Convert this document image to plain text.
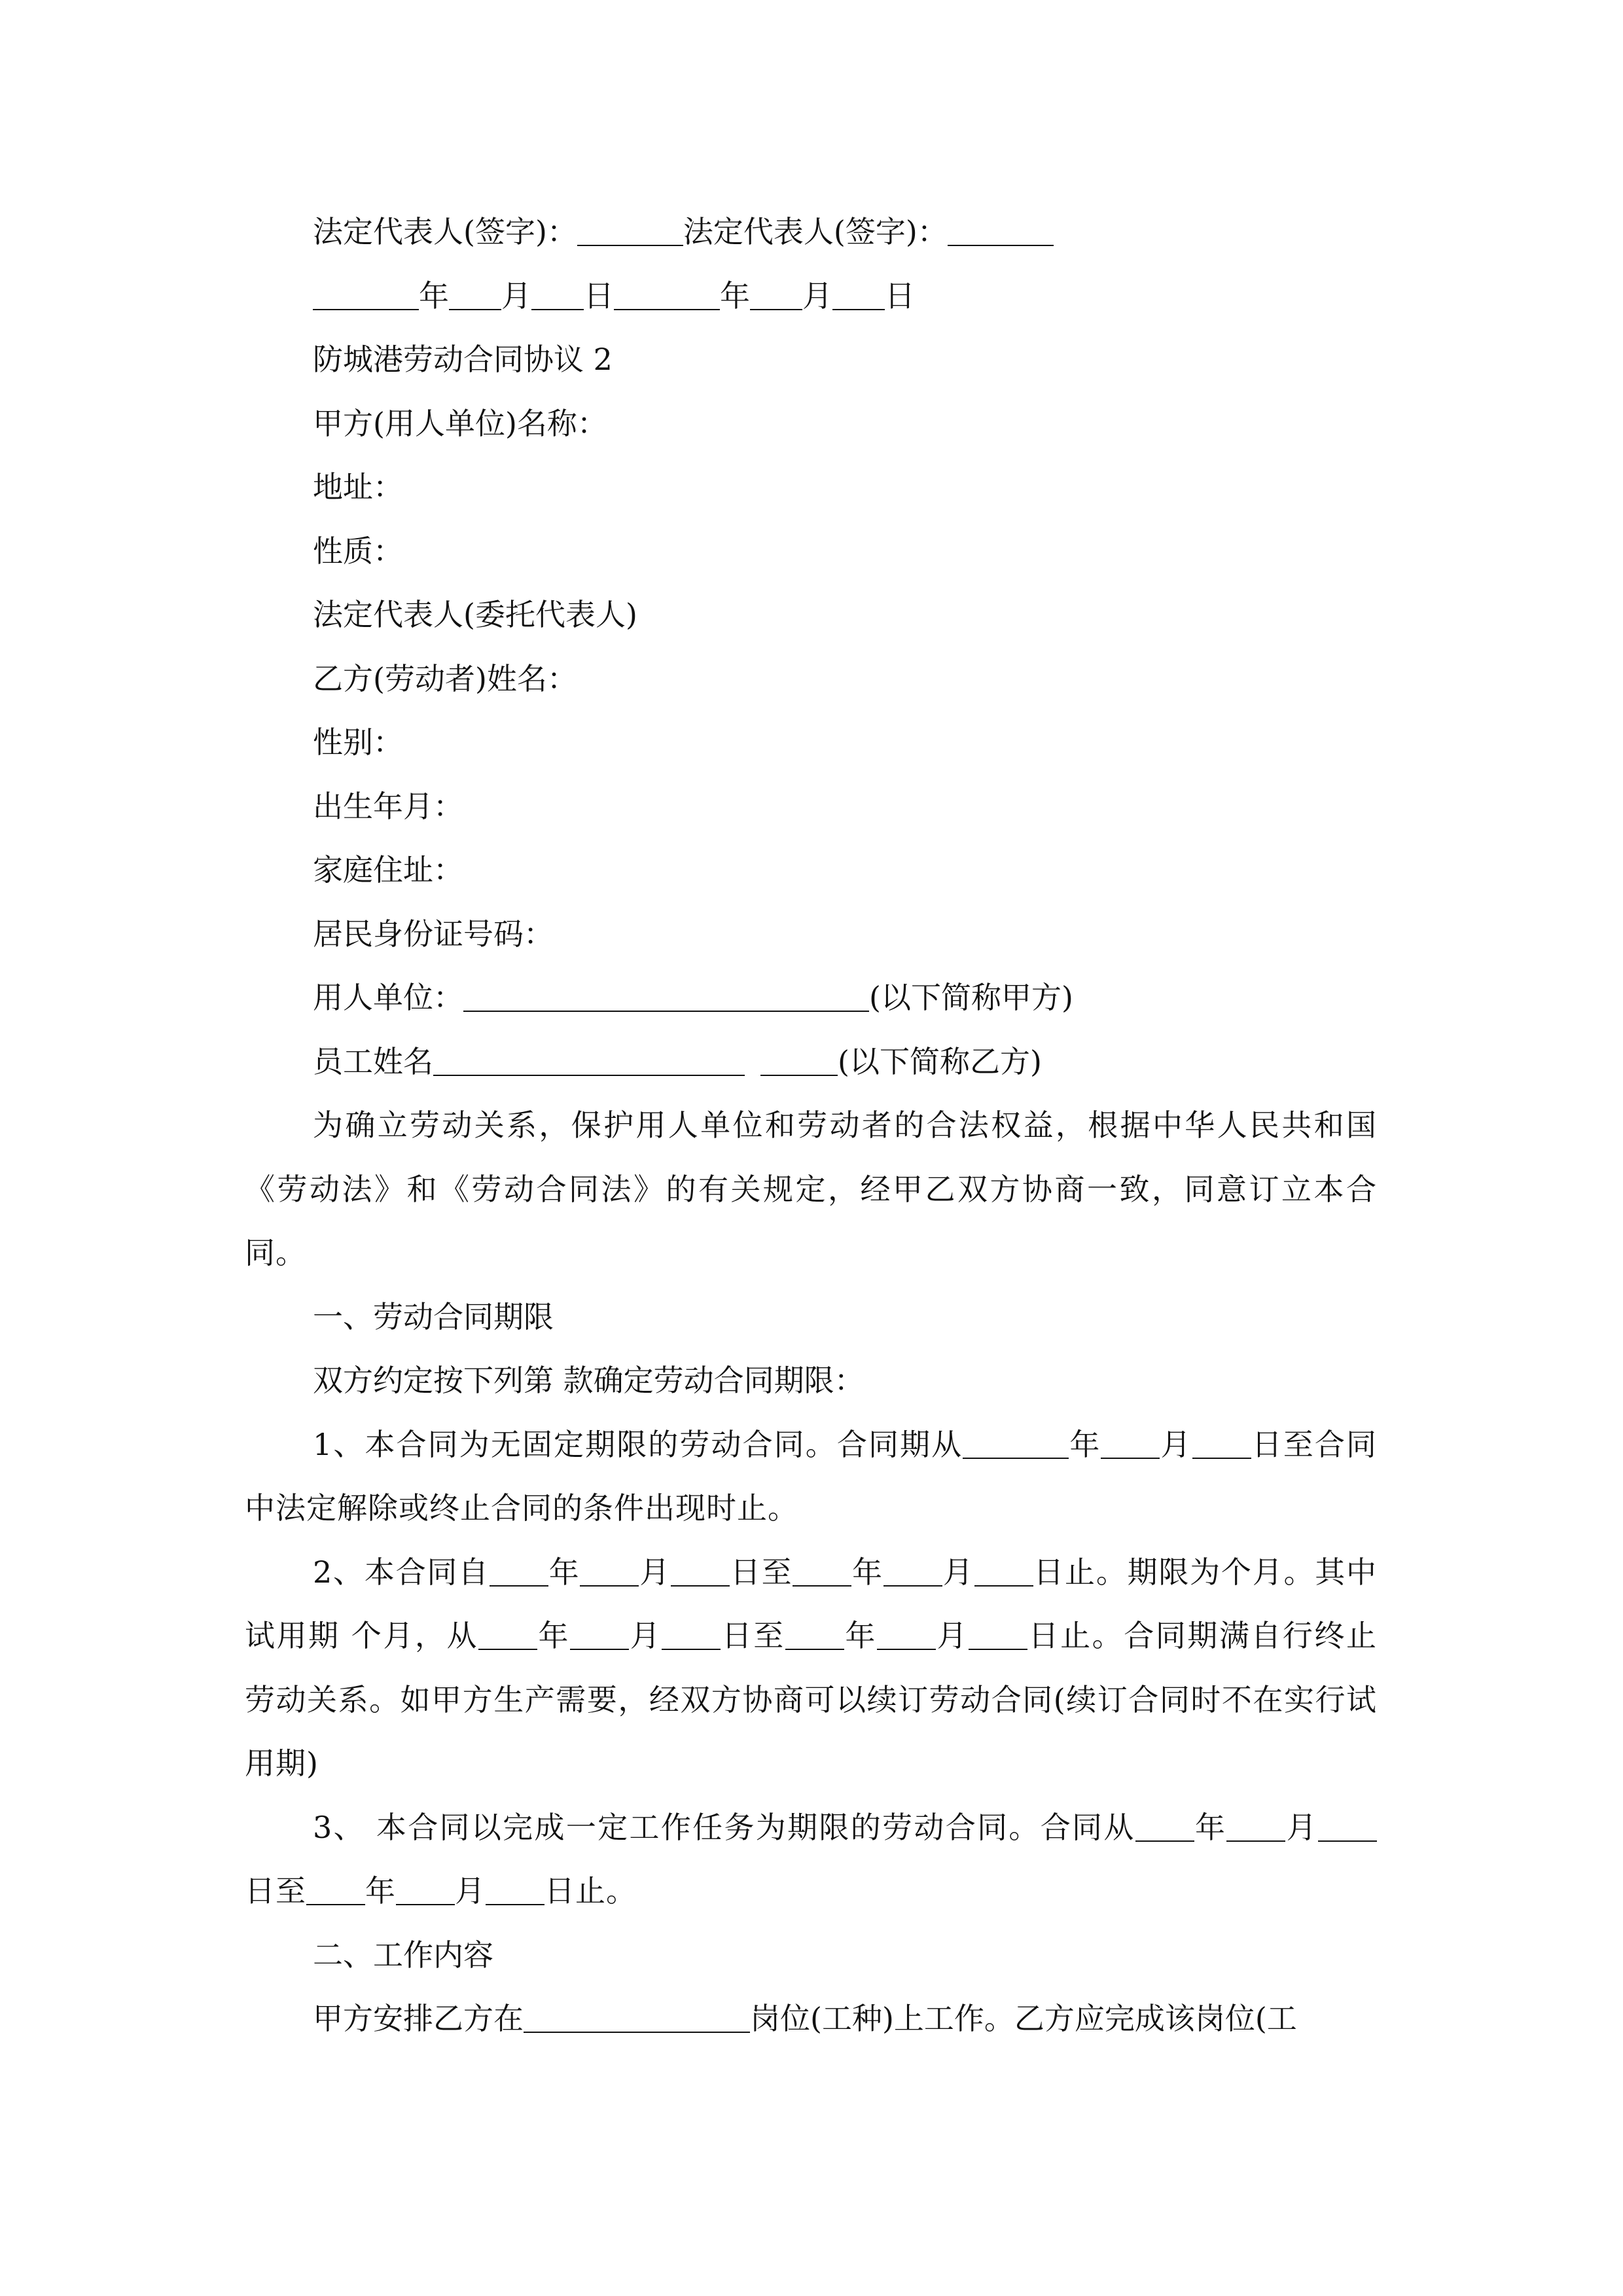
法定代表人(签字)：	法定代表人(签字)：
年 月 日	年 月 日
防城港劳动合同协议 2
甲方(用人单位)名称：
地址：
性质：
法定代表人(委托代表人)
乙方(劳动者)姓名：
性别：
出生年月：
家庭住址：
居民身份证号码：
用人单位：	(以下简称甲方)
员工姓名	(以下简称乙方)
为确立劳动关系，保护用人单位和劳动者的合法权益，根据中华人民共和国《劳动法》和《劳动合同法》的有关规定，经甲乙双方协商一致，同意订立本合同。
一、劳动合同期限
双方约定按下列第 款确定劳动合同期限：
1、本合同为无固定期限的劳动合同。合同期从	年 月 日至合同中法定解除或终止合同的条件出现时止。
2、本合同自 年 月 日至 年 月 日止。期限为个月。其中试用期 个月，从 年 月 日至 年 月 日止。合同期满自行终止劳动关系。如甲方生产需要，经双方协商可以续订劳动合同(续订合同时不在实行试用期)
3、 本合同以完成一定工作任务为期限的劳动合同。合同从 年 月日至 年 月 日止。
二、工作内容
甲方安排乙方在	岗位(工种)上工作。乙方应完成该岗位(工
